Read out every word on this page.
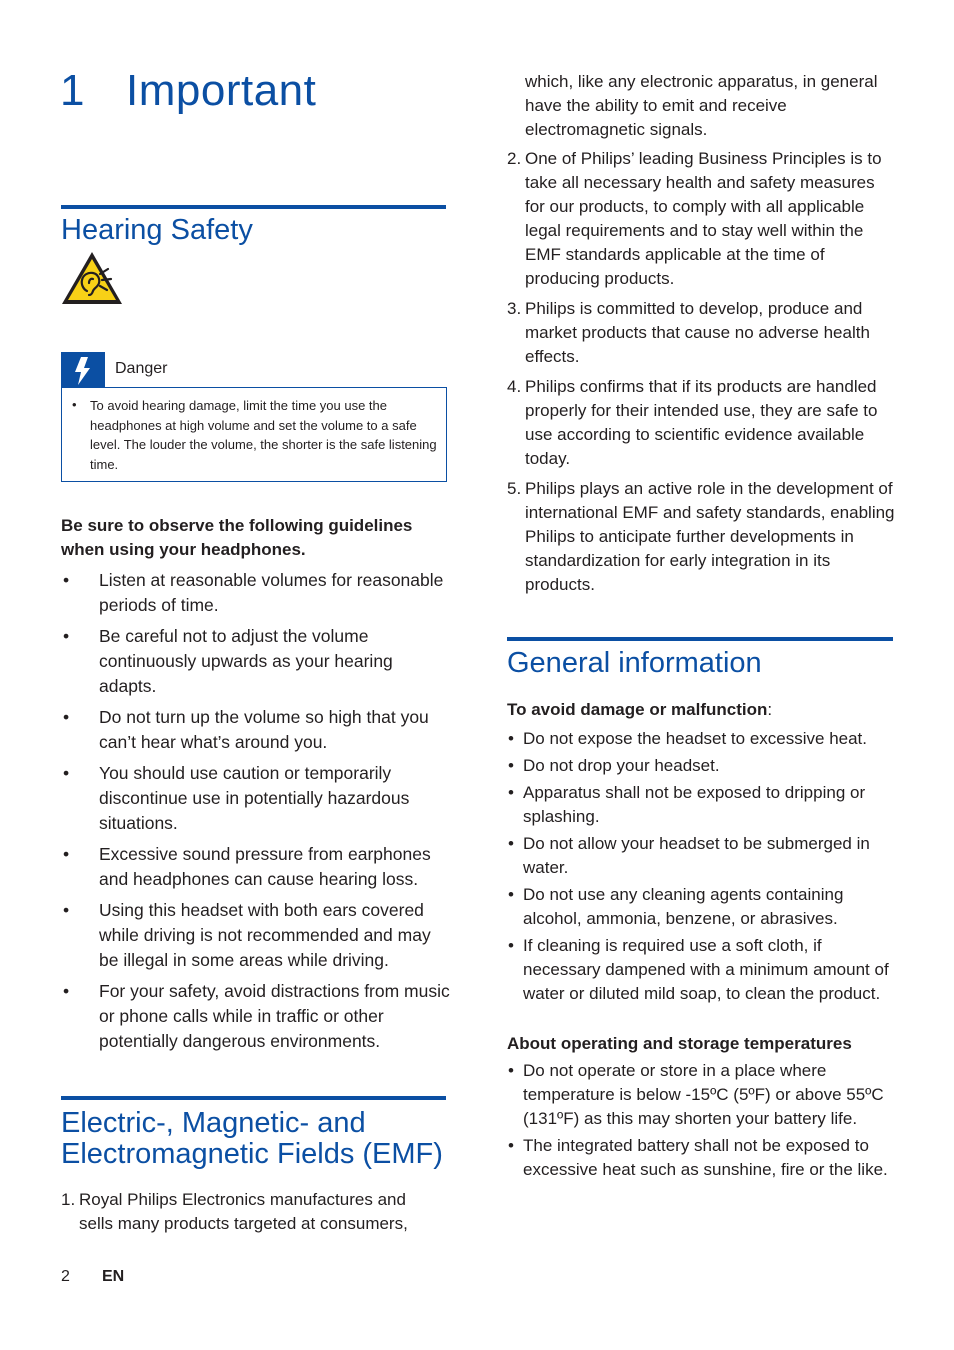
1 Important
Hearing Safety
Danger
• To avoid hearing damage, limit the time you use the headphones at high volume and set the volume to a safe level. The louder the volume, the shorter is the safe listening time.
Be sure to observe the following guidelines when using your headphones.
• Listen at reasonable volumes for reasonable periods of time.
• Be careful not to adjust the volume continuously upwards as your hearing adapts.
• Do not turn up the volume so high that you can’t hear what’s around you.
• You should use caution or temporarily discontinue use in potentially hazardous situations.
• Excessive sound pressure from earphones and headphones can cause hearing loss.
• Using this headset with both ears covered while driving is not recommended and may be illegal in some areas while driving.
• For your safety, avoid distractions from music or phone calls while in traffic or other potentially dangerous environments.
Electric-, Magnetic- and
Electromagnetic Fields (EMF)
1. Royal Philips Electronics manufactures and sells many products targeted at consumers,
which, like any electronic apparatus, in general have the ability to emit and receive electromagnetic signals.
2. One of Philips’ leading Business Principles is to take all necessary health and safety measures for our products, to comply with all applicable legal requirements and to stay well within the EMF standards applicable at the time of producing products.
3. Philips is committed to develop, produce and market products that cause no adverse health effects.
4. Philips confirms that if its products are handled properly for their intended use, they are safe to use according to scientific evidence available today.
5. Philips plays an active role in the development of international EMF and safety standards, enabling Philips to anticipate further developments in standardization for early integration in its products.
General information
To avoid damage or malfunction:
• Do not expose the headset to excessive heat.
• Do not drop your headset.
• Apparatus shall not be exposed to dripping or splashing.
• Do not allow your headset to be submerged in water.
• Do not use any cleaning agents containing alcohol, ammonia, benzene, or abrasives.
• If cleaning is required use a soft cloth, if necessary dampened with a minimum amount of water or diluted mild soap, to clean the product.
About operating and storage temperatures
• Do not operate or store in a place where temperature is below -15ºC (5ºF) or above 55ºC (131ºF) as this may shorten your battery life.
• The integrated battery shall not be exposed to excessive heat such as sunshine, fire or the like.
2 EN
